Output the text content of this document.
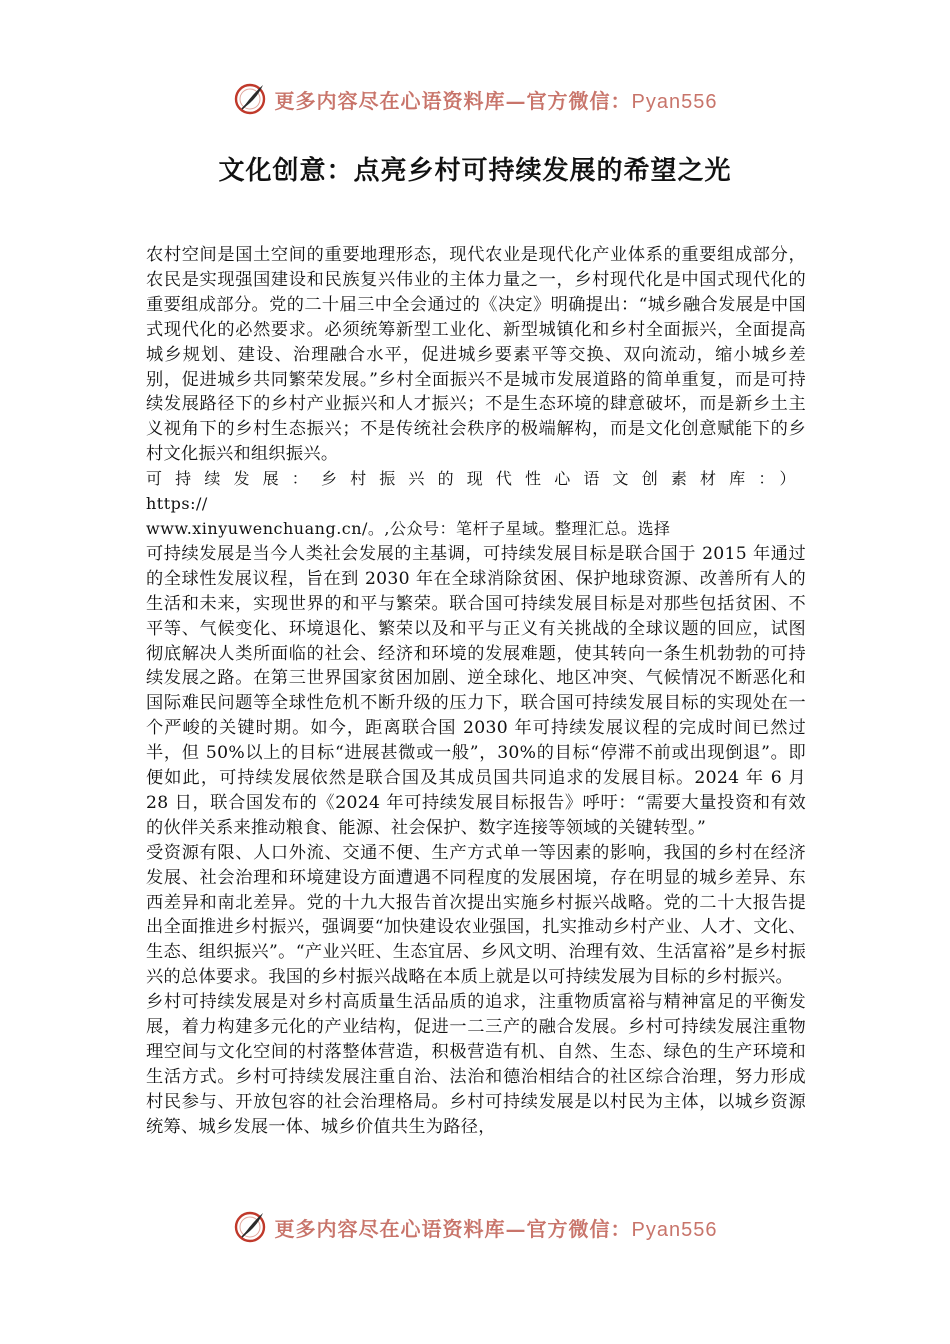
更多内容尽在心语资料库—官方微信：Pyan556
文化创意：点亮乡村可持续发展的希望之光

农村空间是国土空间的重要地理形态，现代农业是现代化产业体系的重要组成部分，农民是实现强国建设和民族复兴伟业的主体力量之一，乡村现代化是中国式现代化的重要组成部分。党的二十届三中全会通过的《决定》明确提出：“城乡融合发展是中国式现代化的必然要求。必须统筹新型工业化、新型城镇化和乡村全面振兴，全面提高城乡规划、建设、治理融合水平，促进城乡要素平等交换、双向流动，缩小城乡差别，促进城乡共同繁荣发展。”乡村全面振兴不是城市发展道路的简单重复，而是可持续发展路径下的乡村产业振兴和人才振兴；不是生态环境的肆意破坏，而是新乡土主义视角下的乡村生态振兴；不是传统社会秩序的极端解构，而是文化创意赋能下的乡村文化振兴和组织振兴。

可持续发展：乡村振兴的现代性心语文创素材库：） https://
www.xinyuwenchuang.cn/。,公众号：笔杆子星域。整理汇总。选择

可持续发展是当今人类社会发展的主基调，可持续发展目标是联合国于 2015 年通过的全球性发展议程，旨在到 2030 年在全球消除贫困、保护地球资源、改善所有人的生活和未来，实现世界的和平与繁荣。联合国可持续发展目标是对那些包括贫困、不平等、气候变化、环境退化、繁荣以及和平与正义有关挑战的全球议题的回应，试图彻底解决人类所面临的社会、经济和环境的发展难题，使其转向一条生机勃勃的可持续发展之路。在第三世界国家贫困加剧、逆全球化、地区冲突、气候情况不断恶化和国际难民问题等全球性危机不断升级的压力下，联合国可持续发展目标的实现处在一个严峻的关键时期。如今，距离联合国 2030 年可持续发展议程的完成时间已然过半，但 50%以上的目标“进展甚微或一般”，30%的目标“停滞不前或出现倒退”。即便如此，可持续发展依然是联合国及其成员国共同追求的发展目标。2024 年 6 月 28 日，联合国发布的《2024 年可持续发展目标报告》呼吁：“需要大量投资和有效的伙伴关系来推动粮食、能源、社会保护、数字连接等领域的关键转型。”

受资源有限、人口外流、交通不便、生产方式单一等因素的影响，我国的乡村在经济发展、社会治理和环境建设方面遭遇不同程度的发展困境，存在明显的城乡差异、东西差异和南北差异。党的十九大报告首次提出实施乡村振兴战略。党的二十大报告提出全面推进乡村振兴，强调要“加快建设农业强国，扎实推动乡村产业、人才、文化、生态、组织振兴”。“产业兴旺、生态宜居、乡风文明、治理有效、生活富裕”是乡村振兴的总体要求。我国的乡村振兴战略在本质上就是以可持续发展为目标的乡村振兴。

乡村可持续发展是对乡村高质量生活品质的追求，注重物质富裕与精神富足的平衡发展，着力构建多元化的产业结构，促进一二三产的融合发展。乡村可持续发展注重物理空间与文化空间的村落整体营造，积极营造有机、自然、生态、绿色的生产环境和生活方式。乡村可持续发展注重自治、法治和德治相结合的社区综合治理，努力形成村民参与、开放包容的社会治理格局。乡村可持续发展是以村民为主体，以城乡资源统筹、城乡发展一体、城乡价值共生为路径，

更多内容尽在心语资料库—官方微信：Pyan556
